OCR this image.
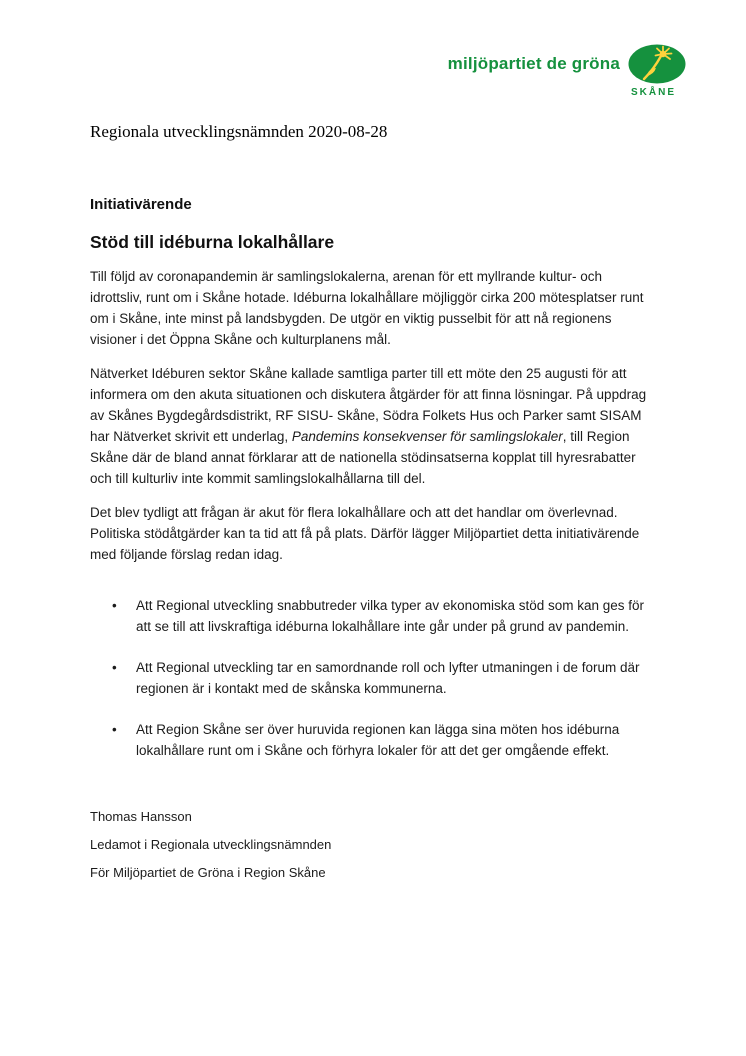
miljöpartiet de gröna
SKÅNE

Regionala utvecklingsnämnden 2020-08-28

Initiativärende
Stöd till idéburna lokalhållare

Till följd av coronapandemin är samlingslokalerna, arenan för ett myllrande kultur- och idrottsliv, runt om i Skåne hotade. Idéburna lokalhållare möjliggör cirka 200 mötesplatser runt om i Skåne, inte minst på landsbygden. De utgör en viktig pusselbit för att nå regionens visioner i det Öppna Skåne och kulturplanens mål.

Nätverket Idéburen sektor Skåne kallade samtliga parter till ett möte den 25 augusti för att informera om den akuta situationen och diskutera åtgärder för att finna lösningar. På uppdrag av Skånes Bygdegårdsdistrikt, RF SISU- Skåne, Södra Folkets Hus och Parker samt SISAM har Nätverket skrivit ett underlag, Pandemins konsekvenser för samlingslokaler, till Region Skåne där de bland annat förklarar att de nationella stödinsatserna kopplat till hyresrabatter och till kulturliv inte kommit samlingslokalhållarna till del.

Det blev tydligt att frågan är akut för flera lokalhållare och att det handlar om överlevnad. Politiska stödåtgärder kan ta tid att få på plats. Därför lägger Miljöpartiet detta initiativärende med följande förslag redan idag.

• Att Regional utveckling snabbutreder vilka typer av ekonomiska stöd som kan ges för att se till att livskraftiga idéburna lokalhållare inte går under på grund av pandemin.
• Att Regional utveckling tar en samordnande roll och lyfter utmaningen i de forum där regionen är i kontakt med de skånska kommunerna.
• Att Region Skåne ser över huruvida regionen kan lägga sina möten hos idéburna lokalhållare runt om i Skåne och förhyra lokaler för att det ger omgående effekt.

Thomas Hansson

Ledamot i Regionala utvecklingsnämnden

För Miljöpartiet de Gröna i Region Skåne
